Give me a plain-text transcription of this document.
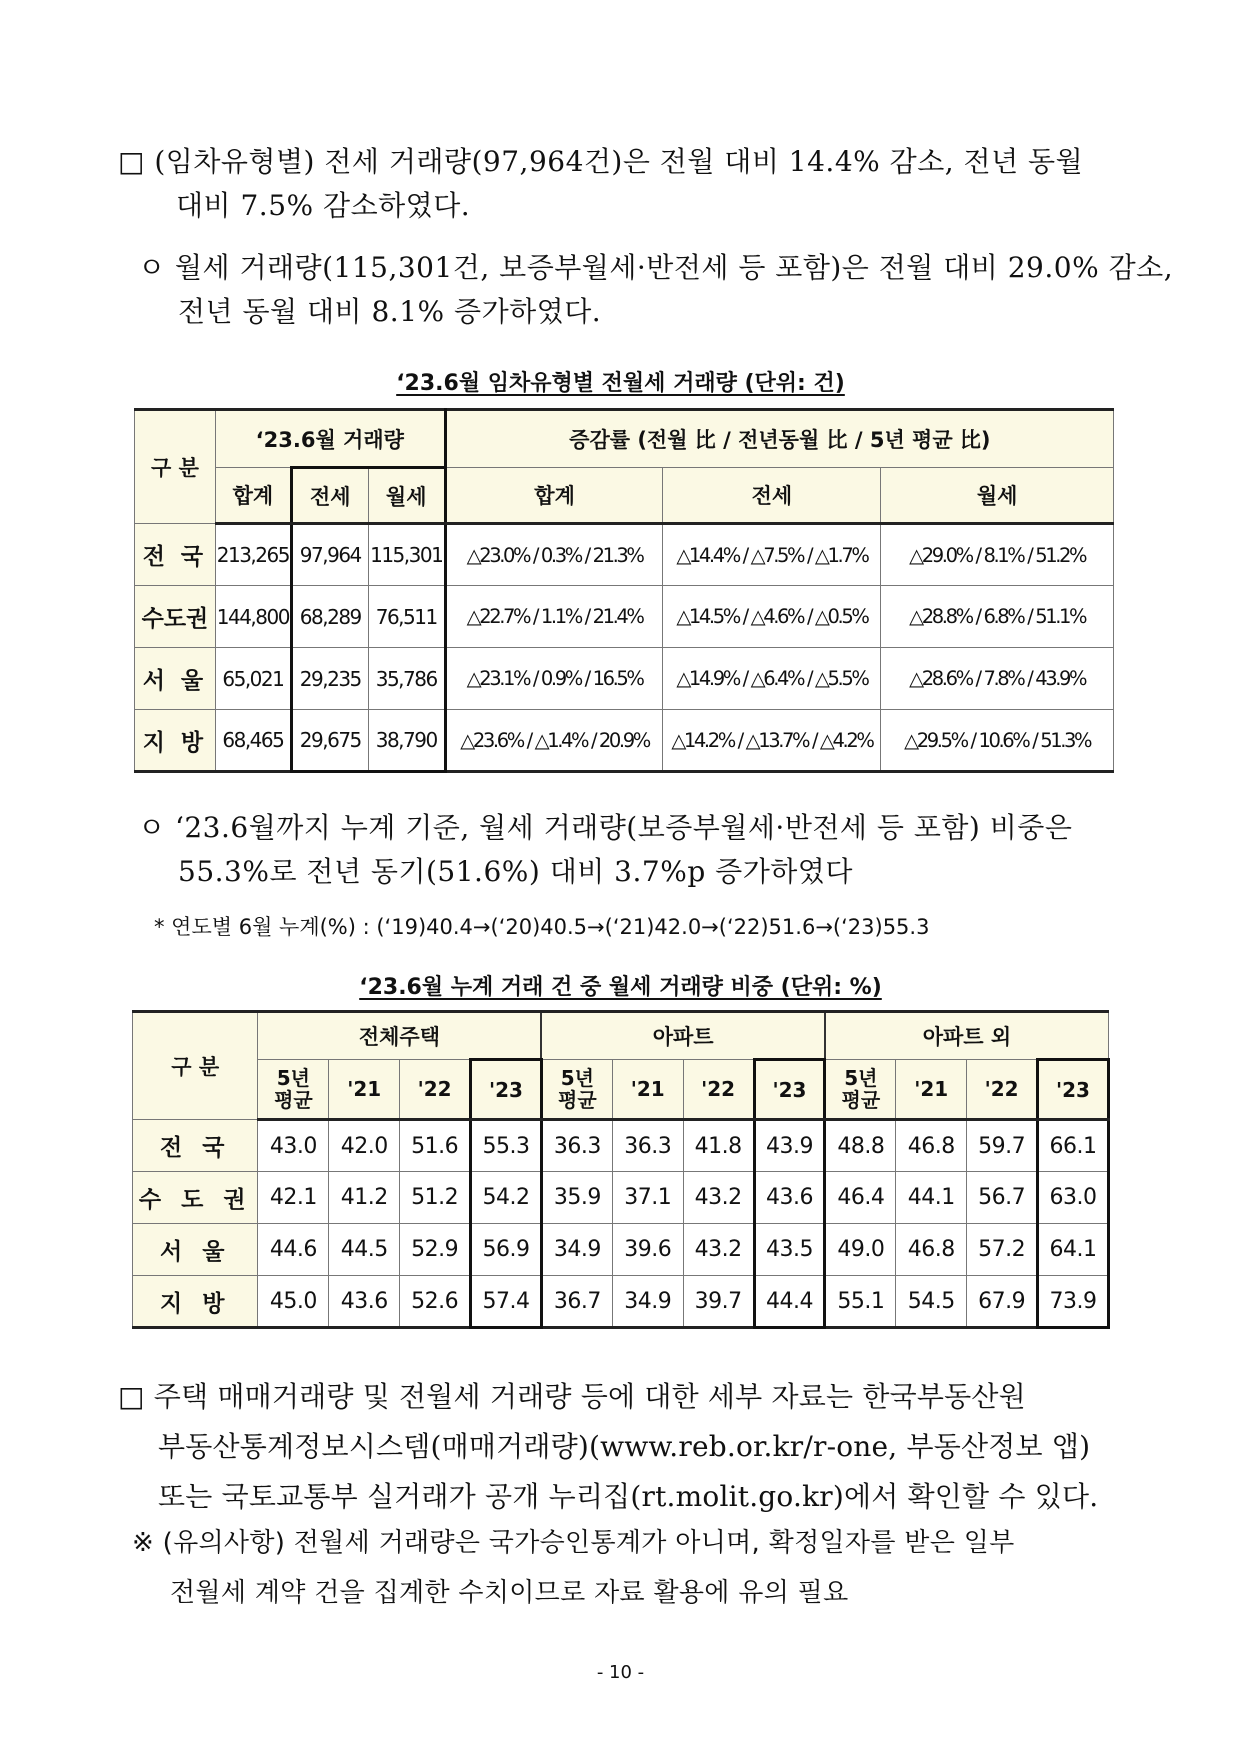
□ (임차유형별) 전세 거래량(97,964건)은 전월 대비 14.4% 감소, 전년 동월
대비 7.5% 감소하였다.
ㅇ 월세 거래량(115,301건, 보증부월세·반전세 등 포함)은 전월 대비 29.0% 감소,
전년 동월 대비 8.1% 증가하였다.
‘23.6월 임차유형별 전월세 거래량 (단위: 건)
구 분	‘23.6월 거래량			증감률 (전월 比 / 전년동월 比 / 5년 평균 比)		
	합계	전세	월세	합계	전세	월세
전 국	213,265	97,964	115,301	△23.0% / 0.3% / 21.3%	△14.4% / △7.5% / △1.7%	△29.0% / 8.1% / 51.2%
수도권	144,800	68,289	76,511	△22.7% / 1.1% / 21.4%	△14.5% / △4.6% / △0.5%	△28.8% / 6.8% / 51.1%
서 울	65,021	29,235	35,786	△23.1% / 0.9% / 16.5%	△14.9% / △6.4% / △5.5%	△28.6% / 7.8% / 43.9%
지 방	68,465	29,675	38,790	△23.6% / △1.4% / 20.9%	△14.2% / △13.7% / △4.2%	△29.5% / 10.6% / 51.3%
ㅇ ‘23.6월까지 누계 기준, 월세 거래량(보증부월세·반전세 등 포함) 비중은
55.3%로 전년 동기(51.6%) 대비 3.7%p 증가하였다
* 연도별 6월 누계(%) : (‘19)40.4→(‘20)40.5→(‘21)42.0→(‘22)51.6→(‘23)55.3
‘23.6월 누계 거래 건 중 월세 거래량 비중 (단위: %)
구 분	전체주택				아파트				아파트 외			
	5년
평균	'21	'22	'23	5년
평균	'21	'22	'23	5년
평균	'21	'22	'23
전 국	43.0	42.0	51.6	55.3	36.3	36.3	41.8	43.9	48.8	46.8	59.7	66.1
수 도 권	42.1	41.2	51.2	54.2	35.9	37.1	43.2	43.6	46.4	44.1	56.7	63.0
서 울	44.6	44.5	52.9	56.9	34.9	39.6	43.2	43.5	49.0	46.8	57.2	64.1
지 방	45.0	43.6	52.6	57.4	36.7	34.9	39.7	44.4	55.1	54.5	67.9	73.9
□ 주택 매매거래량 및 전월세 거래량 등에 대한 세부 자료는 한국부동산원
부동산통계정보시스템(매매거래량)(www.reb.or.kr/r-one, 부동산정보 앱)
또는 국토교통부 실거래가 공개 누리집(rt.molit.go.kr)에서 확인할 수 있다.
※ (유의사항) 전월세 거래량은 국가승인통계가 아니며, 확정일자를 받은 일부
전월세 계약 건을 집계한 수치이므로 자료 활용에 유의 필요
- 10 -
